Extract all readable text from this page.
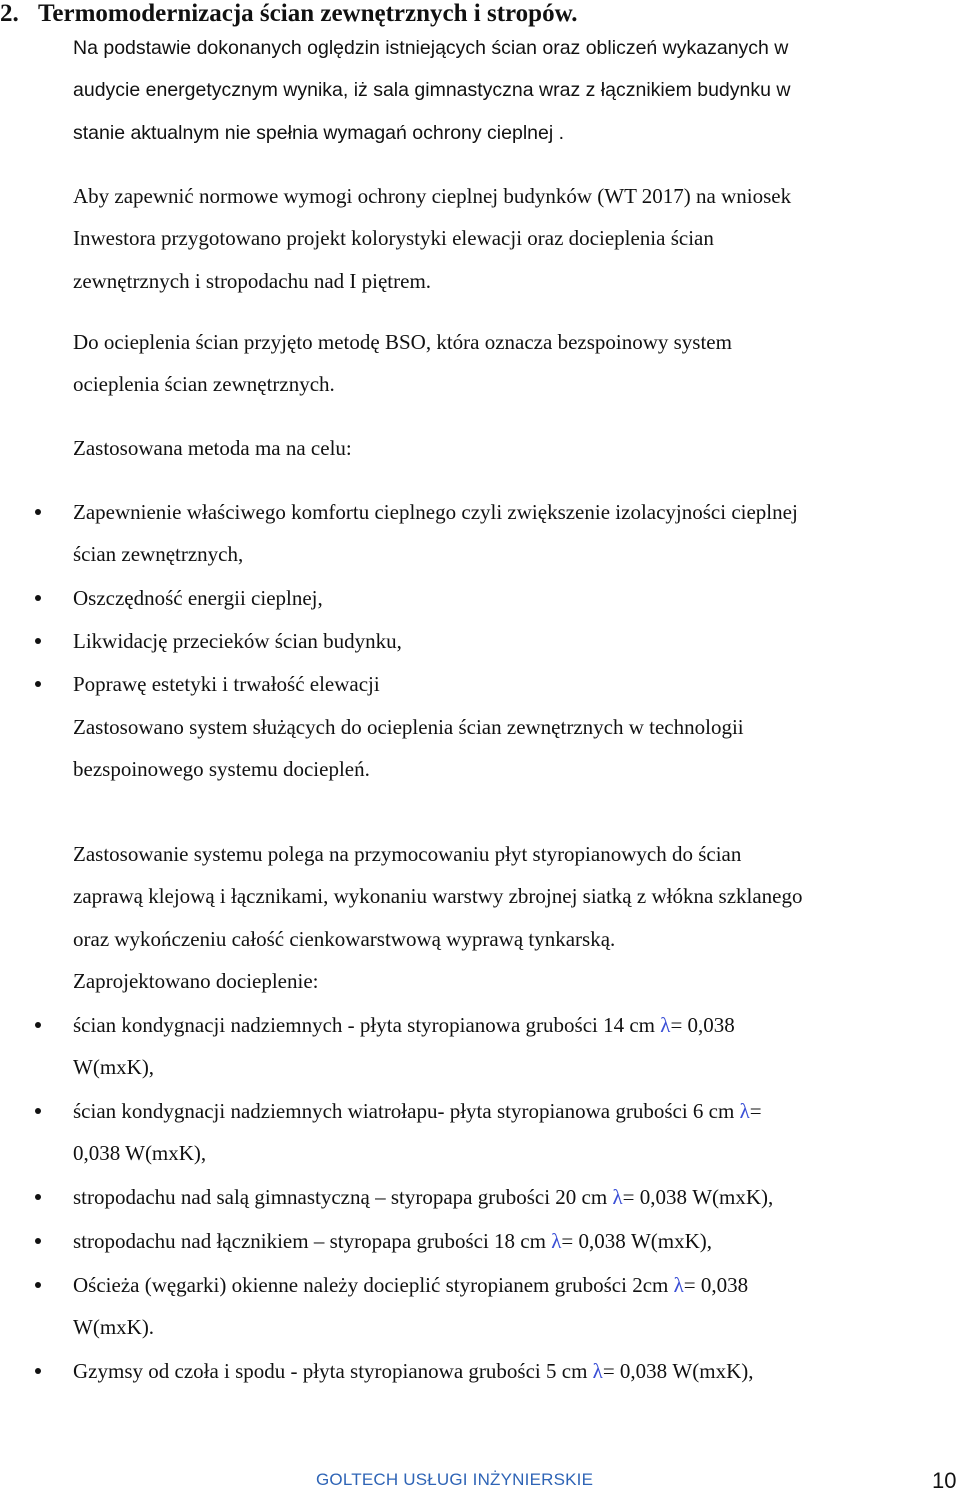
2. Termomodernizacja ścian zewnętrznych i stropów.
Na podstawie dokonanych oględzin istniejących ścian oraz obliczeń wykazanych w
audycie energetycznym wynika, iż sala gimnastyczna wraz z łącznikiem budynku w
stanie aktualnym nie spełnia wymagań ochrony cieplnej .
Aby zapewnić normowe wymogi ochrony cieplnej budynków (WT 2017) na wniosek
Inwestora przygotowano projekt kolorystyki elewacji oraz docieplenia ścian
zewnętrznych i stropodachu nad I piętrem.
Do ocieplenia ścian przyjęto metodę BSO, która oznacza bezspoinowy system
ocieplenia ścian zewnętrznych.
Zastosowana metoda ma na celu:
Zapewnienie właściwego komfortu cieplnego czyli zwiększenie izolacyjności cieplnej
ścian zewnętrznych,
Oszczędność energii cieplnej,
Likwidację przecieków ścian budynku,
Poprawę estetyki i trwałość elewacji
Zastosowano system służących do ocieplenia ścian zewnętrznych w technologii
bezspoinowego systemu dociepleń.
Zastosowanie systemu polega na przymocowaniu płyt styropianowych do ścian
zaprawą klejową i łącznikami, wykonaniu warstwy zbrojnej siatką z włókna szklanego
oraz wykończeniu całość cienkowarstwową wyprawą tynkarską.
Zaprojektowano docieplenie:
ścian kondygnacji nadziemnych - płyta styropianowa grubości 14 cm λ= 0,038
W(mxK),
ścian kondygnacji nadziemnych wiatrołapu- płyta styropianowa grubości 6 cm λ=
0,038 W(mxK),
stropodachu nad salą gimnastyczną – styropapa grubości 20 cm λ= 0,038 W(mxK),
stropodachu nad łącznikiem – styropapa grubości 18 cm λ= 0,038 W(mxK),
Ościeża (węgarki) okienne należy docieplić styropianem grubości 2cm λ= 0,038
W(mxK).
Gzymsy od czoła i spodu - płyta styropianowa grubości 5 cm λ= 0,038 W(mxK),
GOLTECH USŁUGI INŻYNIERSKIE	10
